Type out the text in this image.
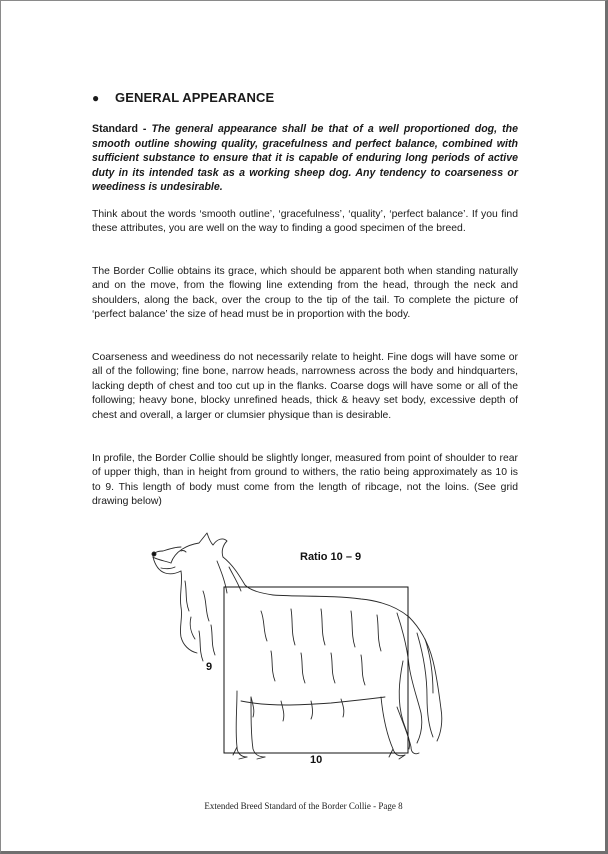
● GENERAL APPEARANCE

Standard - The general appearance shall be that of a well proportioned dog, the smooth outline showing quality, gracefulness and perfect balance, combined with sufficient substance to ensure that it is capable of enduring long periods of active duty in its intended task as a working sheep dog. Any tendency to coarseness or weediness is undesirable.

Think about the words ‘smooth outline’, ‘gracefulness’, ‘quality’, ‘perfect balance’. If you find these attributes, you are well on the way to finding a good specimen of the breed.

The Border Collie obtains its grace, which should be apparent both when standing naturally and on the move, from the flowing line extending from the head, through the neck and shoulders, along the back, over the croup to the tip of the tail. To complete the picture of ‘perfect balance’ the size of head must be in proportion with the body.

Coarseness and weediness do not necessarily relate to height. Fine dogs will have some or all of the following; fine bone, narrow heads, narrowness across the body and hindquarters, lacking depth of chest and too cut up in the flanks. Coarse dogs will have some or all of the following; heavy bone, blocky unrefined heads, thick & heavy set body, excessive depth of chest and overall, a larger or clumsier physique than is desirable.

In profile, the Border Collie should be slightly longer, measured from point of shoulder to rear of upper thigh, than in height from ground to withers, the ratio being approximately as 10 is to 9. This length of body must come from the length of ribcage, not the loins. (See grid drawing below)

Ratio 10 – 9
9
10
Extended Breed Standard of the Border Collie - Page 8
